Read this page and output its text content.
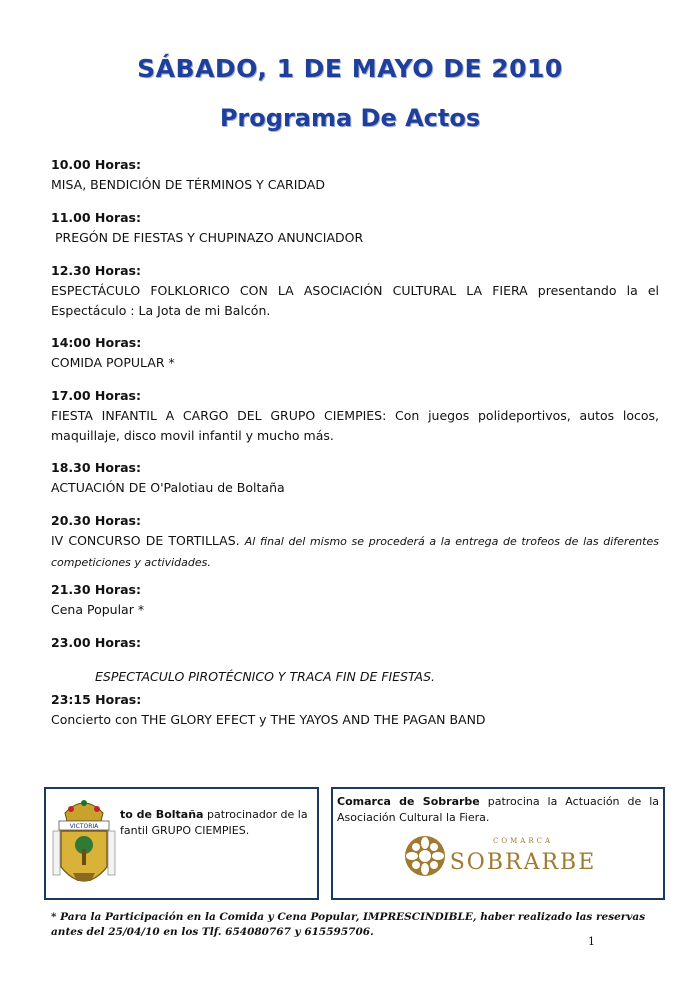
SÁBADO, 1 DE MAYO DE 2010
Programa De Actos
10.00 Horas:
MISA, BENDICIÓN DE TÉRMINOS Y CARIDAD
11.00 Horas:
PREGÓN DE FIESTAS Y CHUPINAZO ANUNCIADOR
12.30 Horas:
ESPECTÁCULO FOLKLORICO CON LA ASOCIACIÓN CULTURAL LA FIERA presentando la el Espectáculo : La Jota de mi Balcón.
14:00 Horas:
COMIDA POPULAR *
17.00 Horas:
FIESTA INFANTIL A CARGO DEL GRUPO CIEMPIES: Con juegos polideportivos, autos locos, maquillaje, disco movil infantil y mucho más.
18.30 Horas:
ACTUACIÓN DE O'Palotiau de Boltaña
20.30 Horas:
IV CONCURSO DE TORTILLAS. Al final del mismo se procederá a la entrega de trofeos de las diferentes competiciones y actividades.
21.30 Horas:
Cena Popular *
23.00 Horas:
ESPECTACULO PIROTÉCNICO Y TRACA FIN DE FIESTAS.
23:15 Horas:
Concierto con THE GLORY EFECT y THE YAYOS AND THE PAGAN BAND
to de Boltaña patrocinador de la
fantil GRUPO CIEMPIES.
VICTORIA
Comarca de Sobrarbe patrocina la Actuación de la Asociación Cultural la Fiera.
COMARCA
SOBRARBE
* Para la Participación en la Comida y Cena Popular, IMPRESCINDIBLE, haber realizado las reservas antes del 25/04/10 en los Tlf. 654080767 y 615595706.
1
